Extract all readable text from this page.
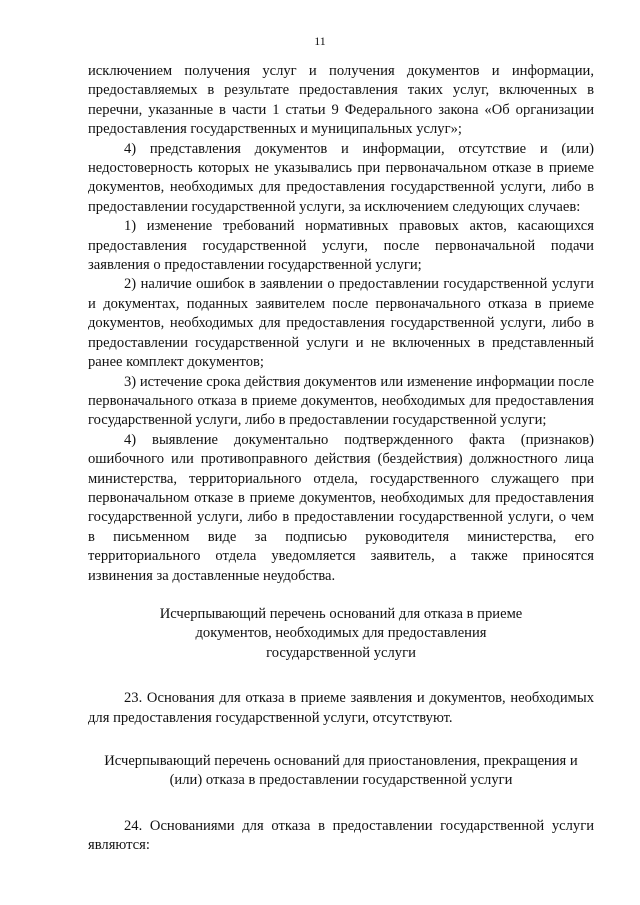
11

исключением получения услуг и получения документов и информации, предоставляемых в результате предоставления таких услуг, включенных в перечни, указанные в части 1 статьи 9 Федерального закона «Об организации предоставления государственных и муниципальных услуг»;

4) представления документов и информации, отсутствие и (или) недостоверность которых не указывались при первоначальном отказе в приеме документов, необходимых для предоставления государственной услуги, либо в предоставлении государственной услуги, за исключением следующих случаев:

1) изменение требований нормативных правовых актов, касающихся предоставления государственной услуги, после первоначальной подачи заявления о предоставлении государственной услуги;

2) наличие ошибок в заявлении о предоставлении государственной услуги и документах, поданных заявителем после первоначального отказа в приеме документов, необходимых для предоставления государственной услуги, либо в предоставлении государственной услуги и не включенных в представленный ранее комплект документов;

3) истечение срока действия документов или изменение информации после первоначального отказа в приеме документов, необходимых для предоставления государственной услуги, либо в предоставлении государственной услуги;

4) выявление документально подтвержденного факта (признаков) ошибочного или противоправного действия (бездействия) должностного лица министерства, территориального отдела, государственного служащего при первоначальном отказе в приеме документов, необходимых для предоставления государственной услуги, либо в предоставлении государственной услуги, о чем в письменном виде за подписью руководителя министерства, его территориального отдела уведомляется заявитель, а также приносятся извинения за доставленные неудобства.

Исчерпывающий перечень оснований для отказа в приеме

документов, необходимых для предоставления

государственной услуги

23. Основания для отказа в приеме заявления и документов, необходимых для предоставления государственной услуги, отсутствуют.

Исчерпывающий перечень оснований для приостановления, прекращения и

(или) отказа в предоставлении государственной услуги

24. Основаниями для отказа в предоставлении государственной услуги являются:
